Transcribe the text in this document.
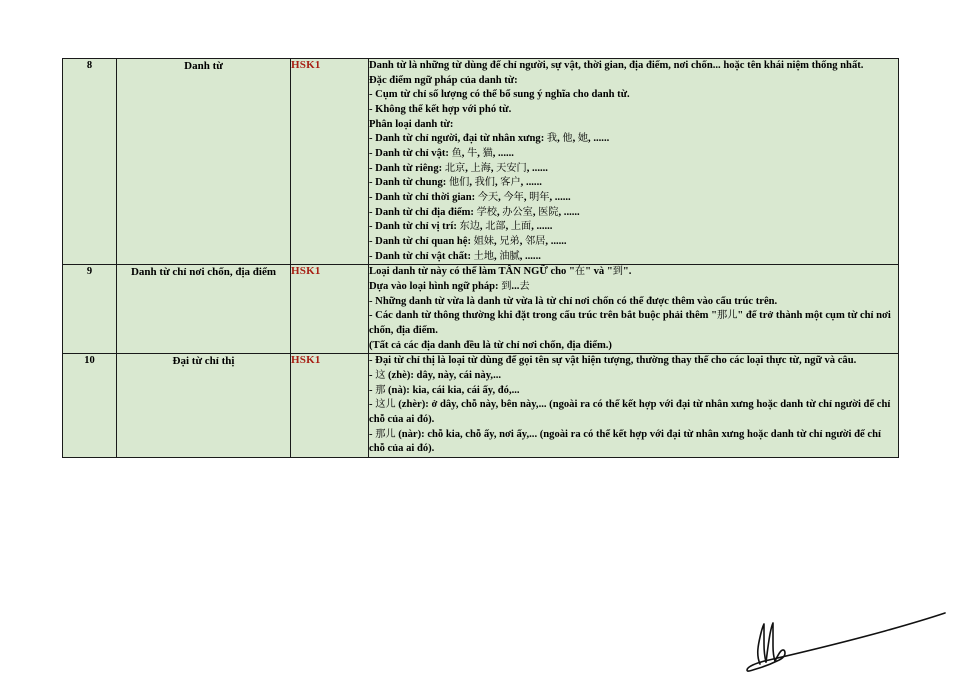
8	Danh từ	HSK1	Danh từ là những từ dùng để chỉ người, sự vật, thời gian, địa điểm, nơi chốn... hoặc tên khái niệm thống nhất.

Đặc điểm ngữ pháp của danh từ:

- Cụm từ chỉ số lượng có thể bổ sung ý nghĩa cho danh từ.

- Không thể kết hợp với phó từ.

Phân loại danh từ:

- Danh từ chỉ người, đại từ nhân xưng: 我, 他, 她, ......

- Danh từ chỉ vật: 鱼, 牛, 猫, ......

- Danh từ riêng: 北京, 上海, 天安门, ......

- Danh từ chung: 他们, 我们, 客户, ......

- Danh từ chỉ thời gian: 今天, 今年, 明年, ......

- Danh từ chỉ địa điểm: 学校, 办公室, 医院, ......

- Danh từ chỉ vị trí: 东边, 北部, 上面, ......

- Danh từ chỉ quan hệ: 姐妹, 兄弟, 邻居, ......

- Danh từ chỉ vật chất: 土地, 油腻, ......

9	Danh từ chỉ nơi chốn, địa điểm	HSK1	Loại danh từ này có thể làm TÂN NGỮ cho "在" và "到".

Dựa vào loại hình ngữ pháp: 到...去

- Những danh từ vừa là danh từ vừa là từ chỉ nơi chốn có thể được thêm vào cấu trúc trên.

- Các danh từ thông thường khi đặt trong cấu trúc trên bắt buộc phải thêm "那儿" để trở thành một cụm từ chỉ nơi chốn, địa điểm.

(Tất cả các địa danh đều là từ chỉ nơi chốn, địa điểm.)

10	Đại từ chỉ thị	HSK1	- Đại từ chỉ thị là loại từ dùng để gọi tên sự vật hiện tượng, thường thay thế cho các loại thực từ, ngữ và câu.

- 这 (zhè): dây, này, cái này,...

- 那 (nà): kia, cái kia, cái ấy, đó,...

- 这儿 (zhèr): ở dây, chỗ này, bên này,... (ngoài ra có thể kết hợp với đại từ nhân xưng hoặc danh từ chỉ người để chỉ chỗ của ai đó).

- 那儿 (nàr): chỗ kia, chỗ ấy, nơi ấy,... (ngoài ra có thể kết hợp với đại từ nhân xưng hoặc danh từ chỉ người để chỉ chỗ của ai đó).
